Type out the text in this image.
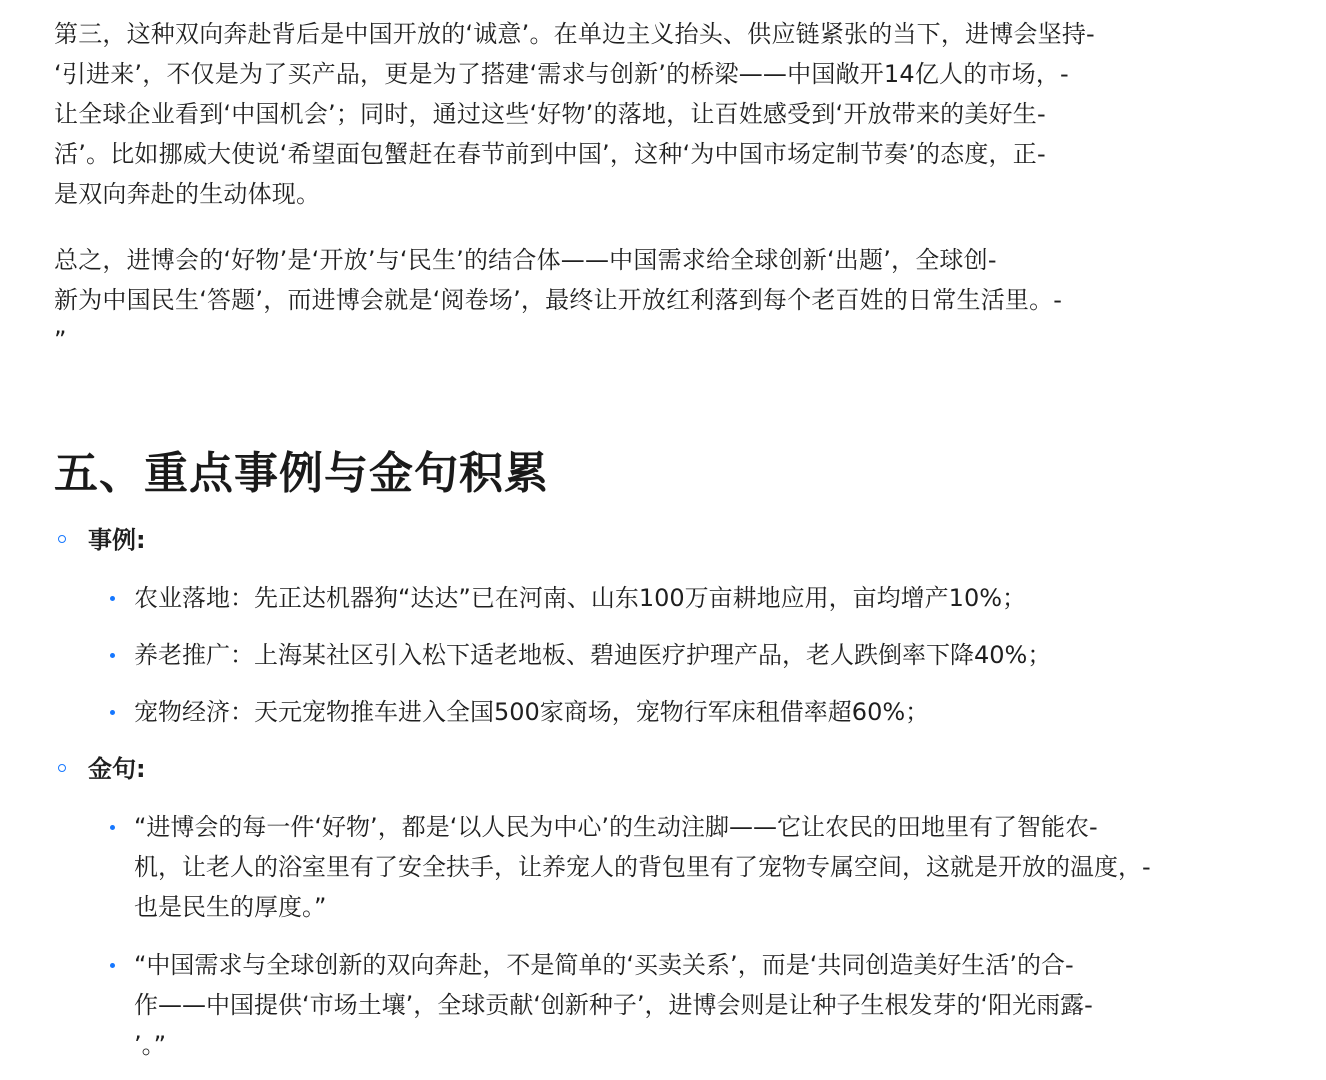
第三，这种双向奔赴背后是中国开放的‘诚意’。在单边主义抬头、供应链紧张的当下，进博会坚持-
‘引进来’，不仅是为了买产品，更是为了搭建‘需求与创新’的桥梁——中国敞开14亿人的市场，-
让全球企业看到‘中国机会’；同时，通过这些‘好物’的落地，让百姓感受到‘开放带来的美好生-
活’。比如挪威大使说‘希望面包蟹赶在春节前到中国’，这种‘为中国市场定制节奏’的态度，正-
是双向奔赴的生动体现。

总之，进博会的‘好物’是‘开放’与‘民生’的结合体——中国需求给全球创新‘出题’，全球创-
新为中国民生‘答题’，而进博会就是‘阅卷场’，最终让开放红利落到每个老百姓的日常生活里。-
”

五、重点事例与金句积累
事例:
农业落地：先正达机器狗“达达”已在河南、山东100万亩耕地应用，亩均增产10%；
养老推广：上海某社区引入松下适老地板、碧迪医疗护理产品，老人跌倒率下降40%；
宠物经济：天元宠物推车进入全国500家商场，宠物行军床租借率超60%；
金句:
“进博会的每一件‘好物’，都是‘以人民为中心’的生动注脚——它让农民的田地里有了智能农-
机，让老人的浴室里有了安全扶手，让养宠人的背包里有了宠物专属空间，这就是开放的温度，-
也是民生的厚度。”
“中国需求与全球创新的双向奔赴，不是简单的‘买卖关系’，而是‘共同创造美好生活’的合-
作——中国提供‘市场土壤’，全球贡献‘创新种子’，进博会则是让种子生根发芽的‘阳光雨露-
’。”
